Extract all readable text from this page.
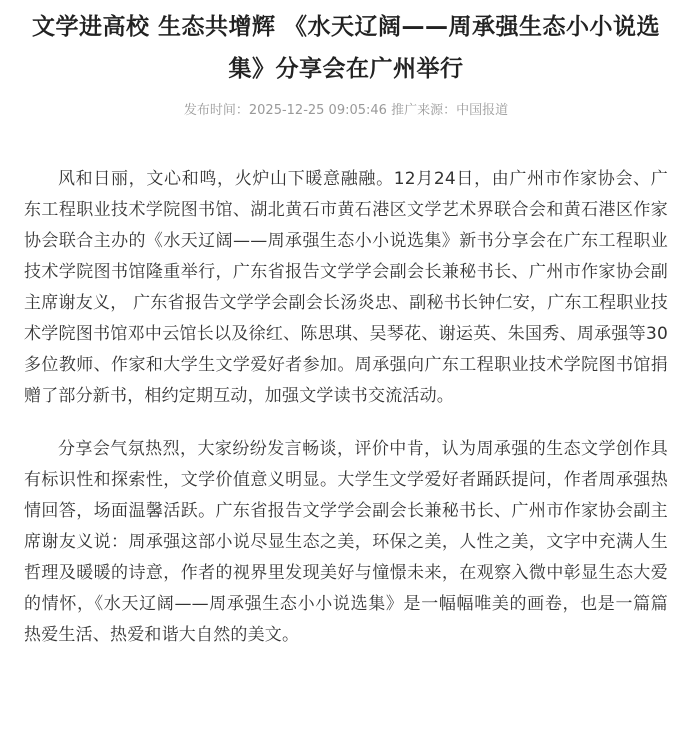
文学进高校 生态共增辉 《水天辽阔——周承强生态小小说选集》分享会在广州举行
发布时间：2025-12-25 09:05:46 推广来源：中国报道

风和日丽，文心和鸣，火炉山下暖意融融。12月24日，由广州市作家协会、广东工程职业技术学院图书馆、湖北黄石市黄石港区文学艺术界联合会和黄石港区作家协会联合主办的《水天辽阔——周承强生态小小说选集》新书分享会在广东工程职业技术学院图书馆隆重举行，广东省报告文学学会副会长兼秘书长、广州市作家协会副主席谢友义， 广东省报告文学学会副会长汤炎忠、副秘书长钟仁安，广东工程职业技术学院图书馆邓中云馆长以及徐红、陈思琪、吴琴花、谢运英、朱国秀、周承强等30多位教师、作家和大学生文学爱好者参加。周承强向广东工程职业技术学院图书馆捐赠了部分新书，相约定期互动，加强文学读书交流活动。

分享会气氛热烈，大家纷纷发言畅谈，评价中肯，认为周承强的生态文学创作具有标识性和探索性，文学价值意义明显。大学生文学爱好者踊跃提问，作者周承强热情回答，场面温馨活跃。广东省报告文学学会副会长兼秘书长、广州市作家协会副主席谢友义说：周承强这部小说尽显生态之美，环保之美，人性之美，文字中充满人生哲理及暖暖的诗意，作者的视界里发现美好与憧憬未来，在观察入微中彰显生态大爱的情怀，《水天辽阔——周承强生态小小说选集》是一幅幅唯美的画卷，也是一篇篇热爱生活、热爱和谐大自然的美文。
